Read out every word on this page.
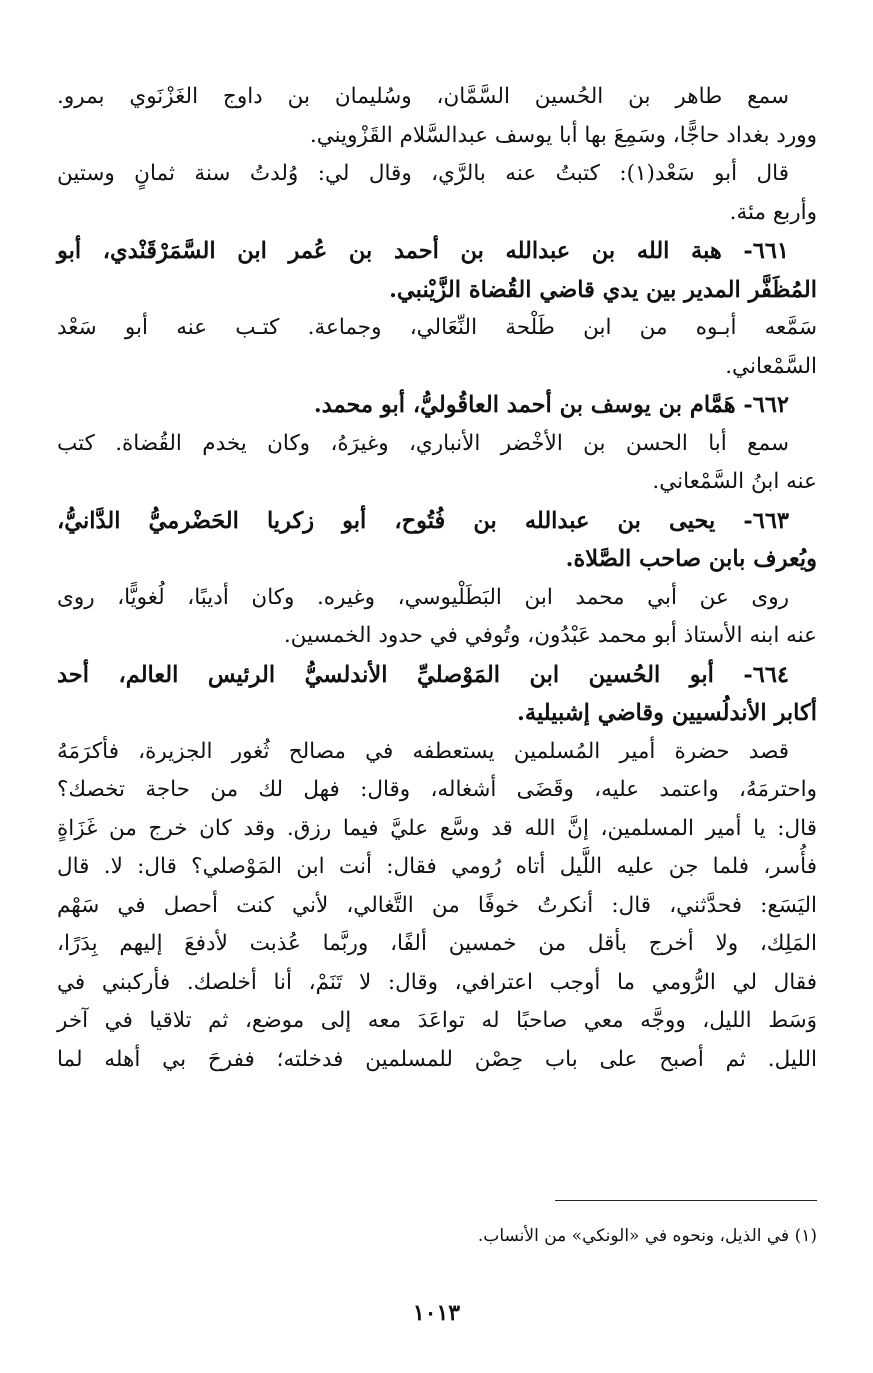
سمع طاهر بن الحُسين السَّمَّان، وسُليمان بن داوج الغَزْنَوي بمرو.
وورد بغداد حاجًّا، وسَمِعَ بها أبا يوسف عبدالسَّلام القَزْويني.
قال أبو سَعْد(١): كتبتُ عنه بالرَّي، وقال لي: وُلدتُ سنة ثمانٍ وستين
وأربع مئة.
٦٦١- هبة الله بن عبدالله بن أحمد بن عُمر ابن السَّمَرْقَنْدي، أبو
المُظَفَّر المدير بين يدي قاضي القُضاة الزَّيْنبي.
سَمَّعه أبـوه من ابن طَلْحة النِّعَالي، وجماعة. كتـب عنه أبو سَعْد
السَّمْعاني.
٦٦٢- هَمَّام بن يوسف بن أحمد العاقُوليُّ، أبو محمد.
سمع أبا الحسن بن الأخْضر الأنباري، وغيرَهُ، وكان يخدم القُضاة. كتب
عنه ابنُ السَّمْعاني.
٦٦٣- يحيى بن عبدالله بن فُتُوح، أبو زكريا الحَضْرميُّ الدَّانيُّ،
ويُعرف بابن صاحب الصَّلاة.
روى عن أبي محمد ابن البَطَلْيوسي، وغيره. وكان أديبًا، لُغويًّا، روى
عنه ابنه الأستاذ أبو محمد عَبْدُون، وتُوفي في حدود الخمسين.
٦٦٤- أبو الحُسين ابن المَوْصليِّ الأندلسيُّ الرئيس العالم، أحد
أكابر الأندلُسيين وقاضي إشبيلية.
قصد حضرة أمير المُسلمين يستعطفه في مصالح ثُغور الجزيرة، فأكرَمَهُ
واحترمَهُ، واعتمد عليه، وقَضَى أشغاله، وقال: فهل لك من حاجة تخصك؟
قال: يا أمير المسلمين، إنَّ الله قد وسَّع عليَّ فيما رزق. وقد كان خرج من غَزَاةٍ
فأُسر، فلما جن عليه اللَّيل أتاه رُومي فقال: أنت ابن المَوْصلي؟ قال: لا. قال
اليَسَع: فحدَّثني، قال: أنكرتُ خوفًا من التَّغالي، لأني كنت أحصل في سَهْم
المَلِك، ولا أخرج بأقل من خمسين ألفًا، وربَّما عُذبت لأدفعَ إليهم بِدَرًا،
فقال لي الرُّومي ما أوجب اعترافي، وقال: لا تَنَمْ، أنا أخلصك. فأركبني في
وَسَط الليل، ووجَّه معي صاحبًا له تواعَدَ معه إلى موضع، ثم تلاقيا في آخر
الليل. ثم أصبح على باب حِصْن للمسلمين فدخلته؛ ففرحَ بي أهله لما
(١) في الذيل، ونحوه في «الونكي» من الأنساب.
١٠١٣
